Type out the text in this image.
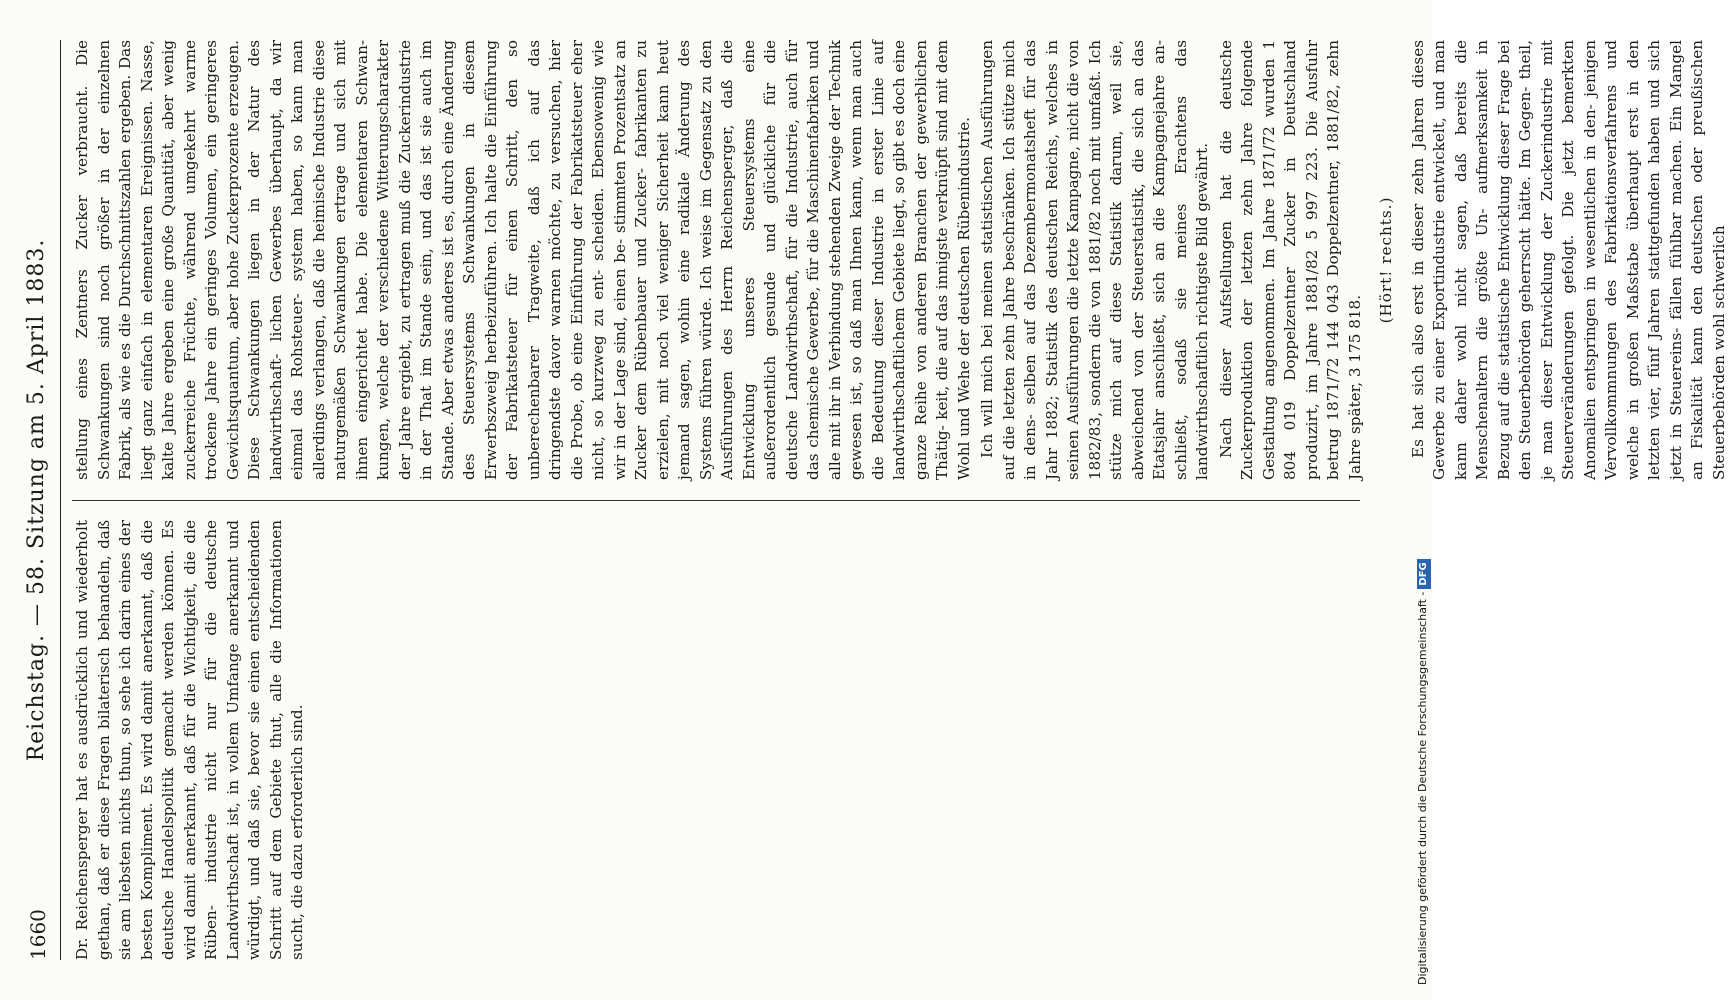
1660
Reichstag. — 58. Sitzung am 5. April 1883. Dr. Reichensperger hat es ausdrücklich und wiederholt gethan, daß er diese Fragen bilaterisch behandeln, daß sie am liebsten nichts thun, so sehe ich darin eines der besten Kompliment. Es wird damit anerkannt, daß die deutsche Handelspolitik gemacht werden können. Es wird damit anerkannt, daß für die Wichtigkeit, die die Rüben- industrie nicht nur für die deutsche Landwirthschaft ist, in vollem Umfange anerkannt und würdigt, und daß sie, bevor sie einen entscheidenden Schritt auf dem Gebiete thut, alle die Informationen sucht, die dazu erforderlich sind.

stellung eines Zentners Zucker verbraucht. Die Schwankungen sind noch größer in der einzelnen Fabrik, als wie es die Durchschnittszahlen ergeben. Das liegt ganz einfach in elementaren Ereignissen. Nasse, kalte Jahre ergeben eine große Quantität, aber wenig zuckerreiche Früchte, während umgekehrt warme trockene Jahre ein geringes Volumen, ein geringeres Gewichtsquantum, aber hohe Zuckerprozente erzeugen. Diese Schwankungen liegen in der Natur des landwirthschaft- lichen Gewerbes überhaupt, da wir einmal das Rohsteuer- system haben, so kann man allerdings verlangen, daß die heimische Industrie diese naturgemäßen Schwankungen ertrage und sich mit ihnen eingerichtet habe. Die elementaren Schwan- kungen, welche der verschiedene Witterungscharakter der Jahre ergiebt, zu ertragen muß die Zuckerindustrie in der That im Stande sein, und das ist sie auch im Stande. Aber etwas anderes ist es, durch eine Änderung des Steuersystems Schwankungen in diesem Erwerbszweig herbeizuführen. Ich halte die Einführung der Fabrikatsteuer für einen Schritt, den so unberechenbarer Tragweite, daß ich auf das dringendste davor warnen möchte, zu versuchen, hier die Probe, ob eine Einführung der Fabrikatsteuer eher nicht, so kurzweg zu ent- scheiden. Ebensowenig wie wir in der Lage sind, einen be- stimmten Prozentsatz an Zucker dem Rübenbauer und Zucker- fabrikanten zu erzielen, mit noch viel weniger Sicherheit kann heut jemand sagen, wohin eine radikale Änderung des Systems führen würde. Ich weise im Gegensatz zu den Ausführungen des Herrn Reichensperger, daß die Entwicklung unseres Steuersystems eine außerordentlich gesunde und glückliche für die deutsche Landwirthschaft, für die Industrie, auch für das chemische Gewerbe, für die Maschinenfabriken und alle mit ihr in Verbindung stehenden Zweige der Technik gewesen ist, so daß man Ihnen kann, wenn man auch die Bedeutung dieser Industrie in erster Linie auf landwirthschaftlichem Gebiete liegt, so gibt es doch eine ganze Reihe von anderen Branchen der gewerblichen Thätig- keit, die auf das innigste verknüpft sind mit dem Wohl und Wehe der deutschen Rübenindustrie. Ich will mich bei meinen statistischen Ausführungen auf die letzten zehn Jahre beschränken. Ich stütze mich in dens- selben auf das Dezembermonatsheft für das Jahr 1882; Statistik des deutschen Reichs, welches in seinen Ausführungen die letzte Kampagne, nicht die von 1882/83, sondern die von 1881/82 noch mit umfaßt. Ich stütze mich auf diese Statistik darum, weil sie, abweichend von der Steuerstatistik, die sich an das Etatsjahr anschließt, sich an die Kampagnejahre an- schließt, sodaß sie meines Erachtens das landwirthschaftlich richtigste Bild gewährt. Nach dieser Aufstellungen hat die deutsche Zuckerproduktion der letzten zehn Jahre folgende Gestaltung angenommen. Im Jahre 1871/72 wurden 1 804 019 Doppelzentner Zucker in Deutschland produzirt, im Jahre 1881/82 5 997 223. Die Ausfuhr betrug 1871/72 144 043 Doppelzentner, 1881/82, zehn Jahre später, 3 175 818.

(Hört! rechts.) Es hat sich also erst in dieser zehn Jahren dieses Gewerbe zu einer Exportindustrie entwickelt, und man kann daher wohl nicht sagen, daß bereits die Menschenaltern die größte Un- aufmerksamkeit in Bezug auf die statistische Entwicklung dieser Frage bei den Steuerbehörden geherrscht hätte. Im Gegen- theil, je man dieser Entwicklung der Zuckerindustrie mit Steuerveränderungen gefolgt. Die jetzt bemerkten Anomalien entspringen in wesentlichen in den- jenigen Vervollkommnungen des Fabrikationsverfahrens und welche in großen Maßstabe überhaupt erst in den letzten vier, fünf Jahren stattgefunden haben und sich jetzt in Steuereins- fällen fühlbar machen. Ein Mangel an Fiskalität kann den deutschen oder preußischen Steuerbehörden wohl schwerlich

Digitalisierung gefördert durch die Deutsche Forschungsgemeinschaft -DFG
